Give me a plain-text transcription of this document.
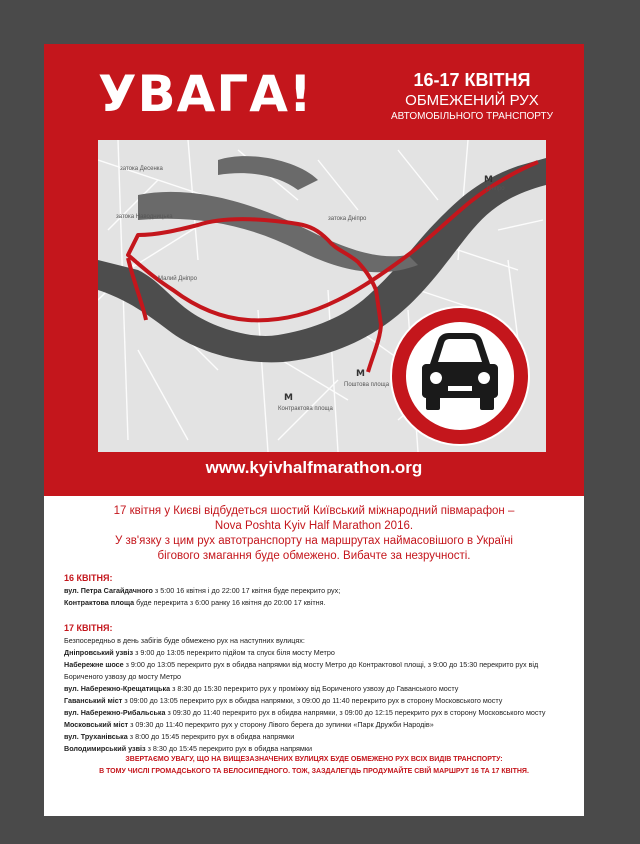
УВАГА!	16-17 КВІТНЯ
ОБМЕЖЕНИЙ РУХ
АВТОМОБІЛЬНОГО ТРАНСПОРТУ
Дніпро
M
M
Поштова площа
M
Контрактова площа
затока Десенка
затока Наводницька	затока Дніпро
Малий Дніпро
www.kyivhalfmarathon.org
17 квітня у Києві відбудеться шостий Київський міжнародний півмарафон –
Nova Poshta Kyiv Half Marathon 2016.
У зв'язку з цим рух автотранспорту на маршрутах наймасовішого в Україні
бігового змагання буде обмежено. Вибачте за незручності.
16 КВІТНЯ:
вул. Петра Сагайдачного з 5:00 16 квітня і до 22:00 17 квітня буде перекрито рух;
Контрактова площа буде перекрита з 6:00 ранку 16 квітня до 20:00 17 квітня.
17 КВІТНЯ:
Безпосередньо в день забігів буде обмежено рух на наступних вулицях:
Дніпровський узвіз з 9:00 до 13:05 перекрито підйом та спуск біля мосту Метро
Набережне шосе з 9:00 до 13:05 перекрито рух в обидва напрямки від мосту Метро до Контрактової площі, з 9:00 до 15:30 перекрито рух від
Бориченого узвозу до мосту Метро
вул. Набережно-Крещатицька з 8:30 до 15:30 перекрито рух у проміжку від Бориченого узвозу до Гаванського мосту
Гаванський міст з 09:00 до 13:05 перекрито рух в обидва напрямки, з 09:00 до 11:40 перекрито рух в сторону Московського мосту
вул. Набережно-Рибальська з 09:30 до 11:40 перекрито рух в обидва напрямки, з 09:00 до 12:15 перекрито рух в сторону Московського мосту
Московський міст з 09:30 до 11:40 перекрито рух у сторону Лівого берега до зупинки «Парк Дружби Народів»
вул. Труханівська з 8:00 до 15:45 перекрито рух в обидва напрямки
Володимирський узвіз з 8:30 до 15:45 перекрито рух в обидва напрямки
ЗВЕРТАЄМО УВАГУ, ЩО НА ВИЩЕЗАЗНАЧЕНИХ ВУЛИЦЯХ БУДЕ ОБМЕЖЕНО РУХ ВСІХ ВИДІВ ТРАНСПОРТУ:
В ТОМУ ЧИСЛІ ГРОМАДСЬКОГО ТА ВЕЛОСИПЕДНОГО. ТОЖ, ЗАЗДАЛЕГІДЬ ПРОДУМАЙТЕ СВІЙ МАРШРУТ 16 ТА 17 КВІТНЯ.
